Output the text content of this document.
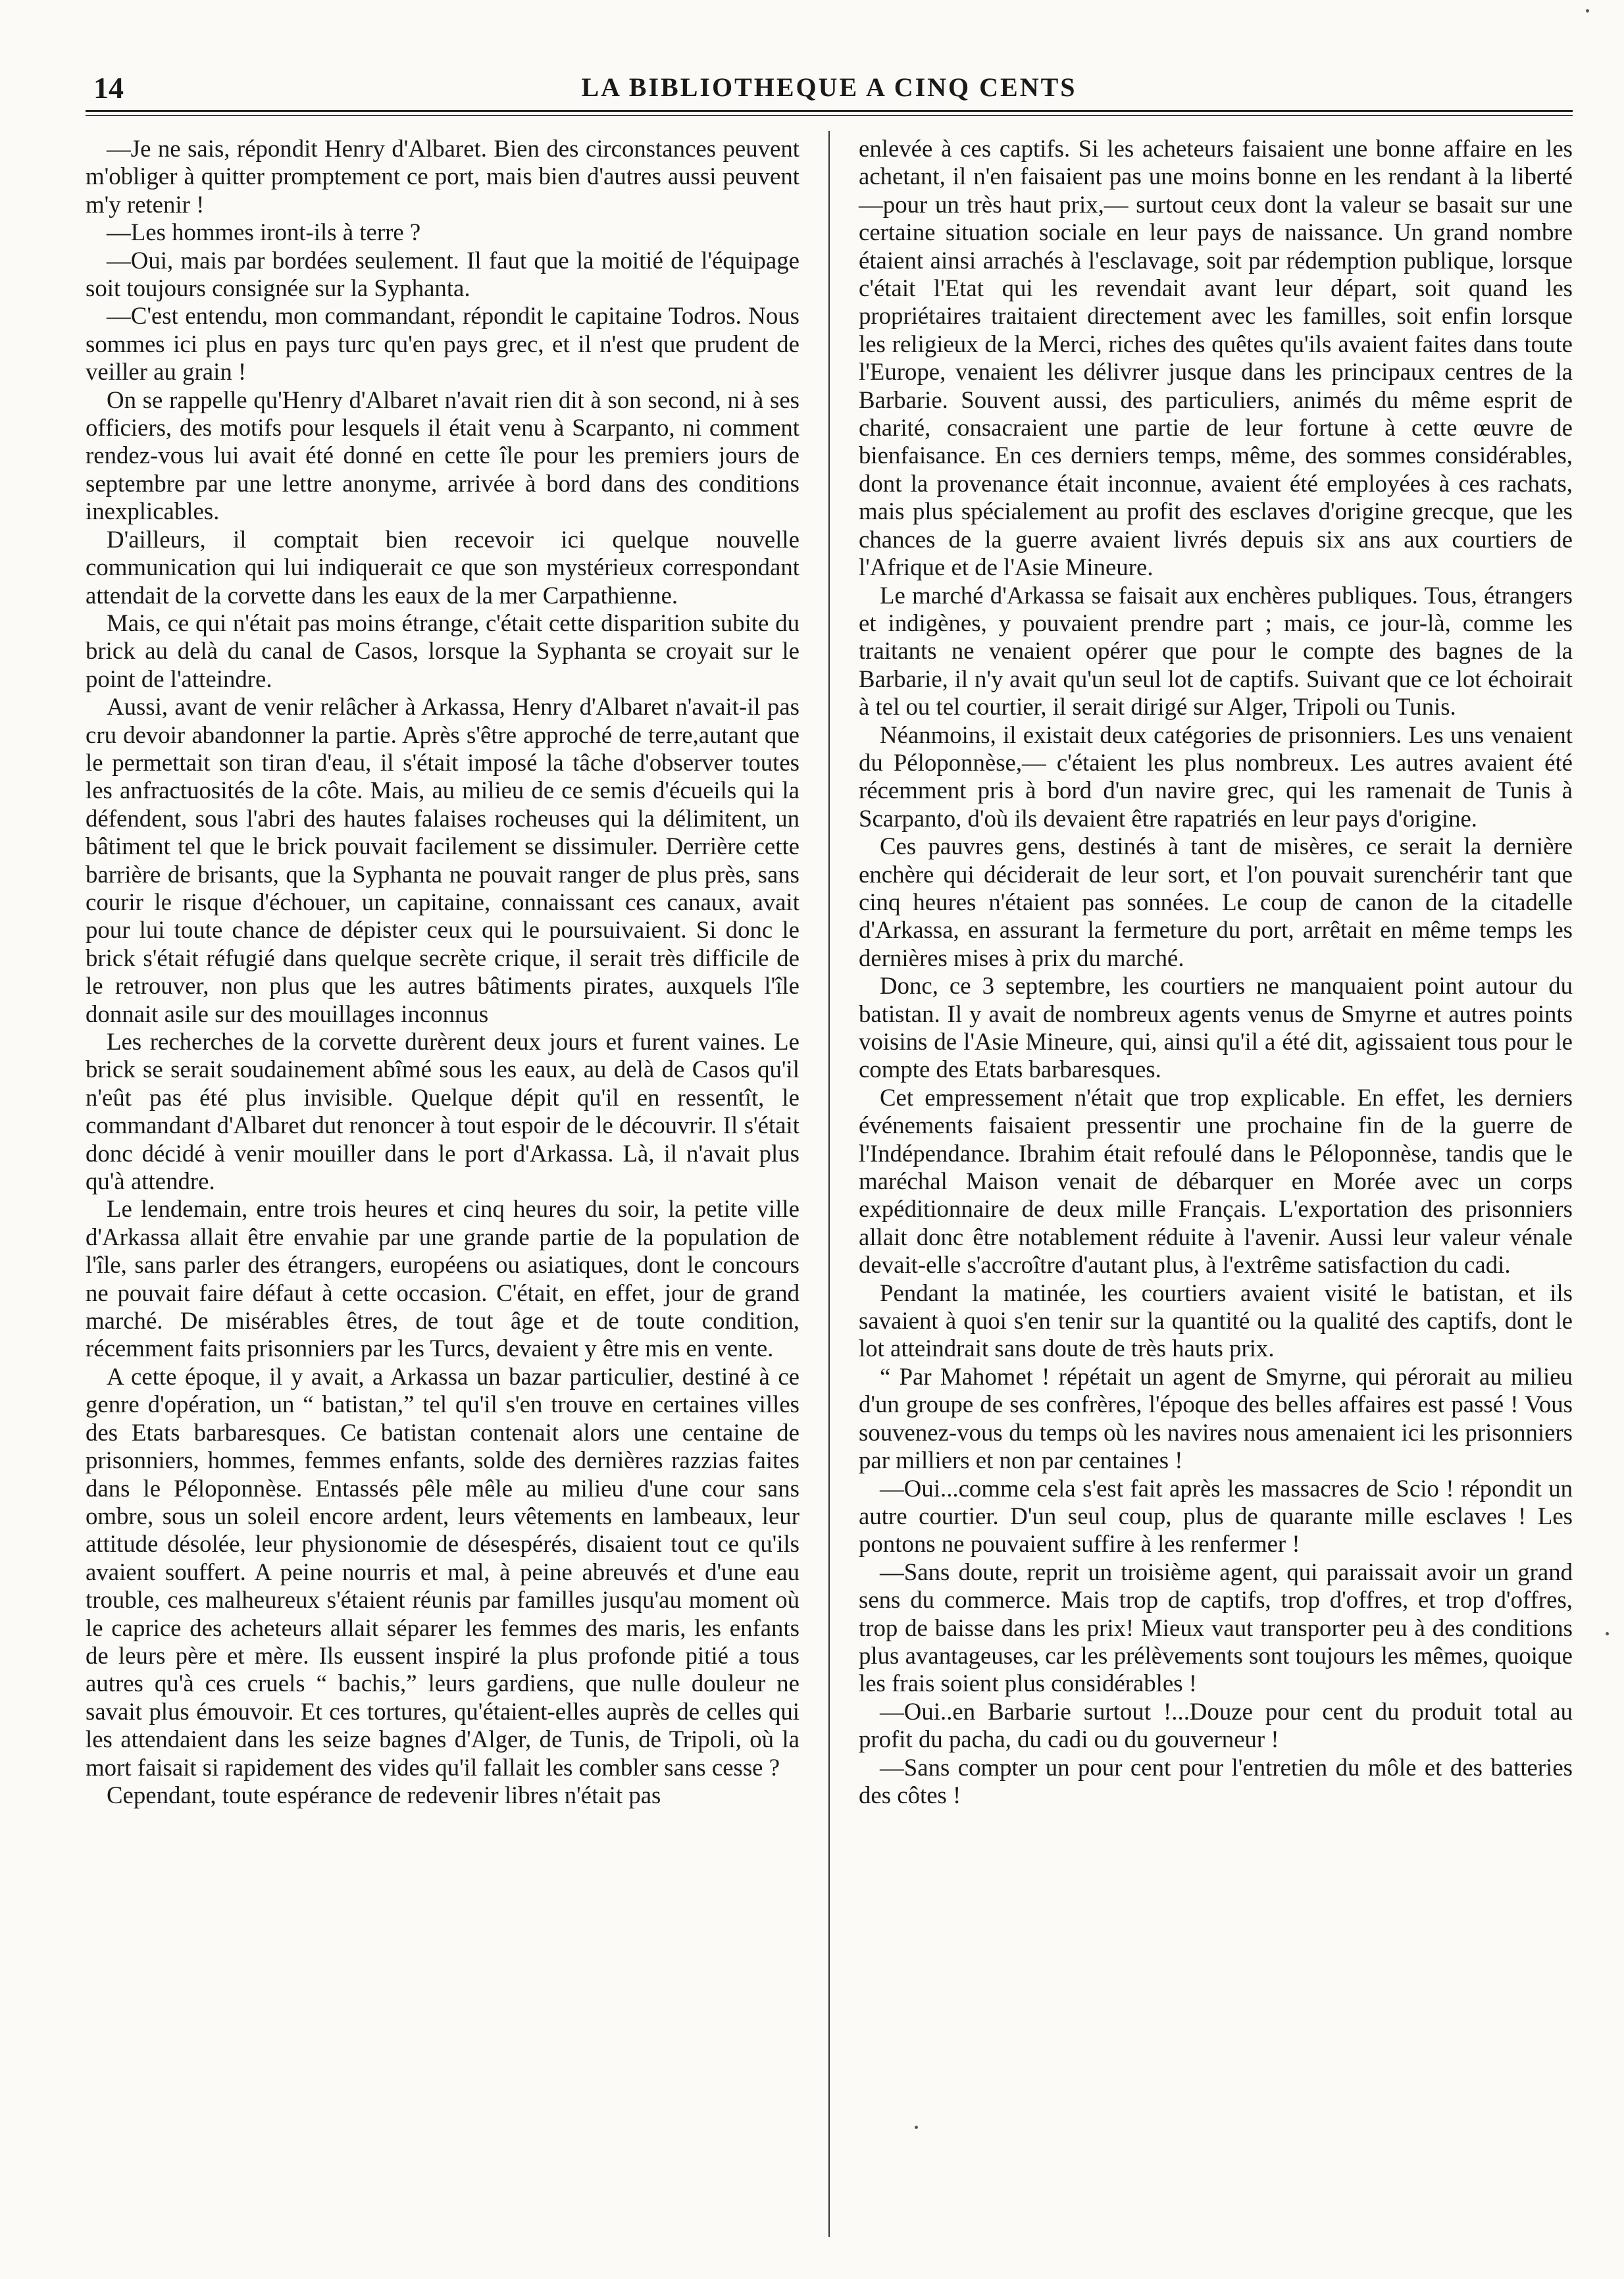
14	LA BIBLIOTHEQUE A CINQ CENTS

—Je ne sais, répondit Henry d'Albaret. Bien des circonstances peuvent m'obliger à quitter promptement ce port, mais bien d'autres aussi peuvent m'y retenir !

—Les hommes iront-ils à terre ?

—Oui, mais par bordées seulement. Il faut que la moitié de l'équipage soit toujours consignée sur la Syphanta.

—C'est entendu, mon commandant, répondit le capitaine Todros. Nous sommes ici plus en pays turc qu'en pays grec, et il n'est que prudent de veiller au grain !

On se rappelle qu'Henry d'Albaret n'avait rien dit à son second, ni à ses officiers, des motifs pour lesquels il était venu à Scarpanto, ni comment rendez-vous lui avait été donné en cette île pour les premiers jours de septembre par une lettre anonyme, arrivée à bord dans des conditions inexplicables.

D'ailleurs, il comptait bien recevoir ici quelque nouvelle communication qui lui indiquerait ce que son mystérieux correspondant attendait de la corvette dans les eaux de la mer Carpathienne.

Mais, ce qui n'était pas moins étrange, c'était cette disparition subite du brick au delà du canal de Casos, lorsque la Syphanta se croyait sur le point de l'atteindre.

Aussi, avant de venir relâcher à Arkassa, Henry d'Albaret n'avait-il pas cru devoir abandonner la partie. Après s'être approché de terre,autant que le permettait son tiran d'eau, il s'était imposé la tâche d'observer toutes les anfractuosités de la côte. Mais, au milieu de ce semis d'écueils qui la défendent, sous l'abri des hautes falaises rocheuses qui la délimitent, un bâtiment tel que le brick pouvait facilement se dissimuler. Derrière cette barrière de brisants, que la Syphanta ne pouvait ranger de plus près, sans courir le risque d'échouer, un capitaine, connaissant ces canaux, avait pour lui toute chance de dépister ceux qui le poursuivaient. Si donc le brick s'était réfugié dans quelque secrète crique, il serait très difficile de le retrouver, non plus que les autres bâtiments pirates, auxquels l'île donnait asile sur des mouillages inconnus

Les recherches de la corvette durèrent deux jours et furent vaines. Le brick se serait soudainement abîmé sous les eaux, au delà de Casos qu'il n'eût pas été plus invisible. Quelque dépit qu'il en ressentît, le commandant d'Albaret dut renoncer à tout espoir de le découvrir. Il s'était donc décidé à venir mouiller dans le port d'Arkassa. Là, il n'avait plus qu'à attendre.

Le lendemain, entre trois heures et cinq heures du soir, la petite ville d'Arkassa allait être envahie par une grande partie de la population de l'île, sans parler des étrangers, européens ou asiatiques, dont le concours ne pouvait faire défaut à cette occasion. C'était, en effet, jour de grand marché. De misérables êtres, de tout âge et de toute condition, récemment faits prisonniers par les Turcs, devaient y être mis en vente.

A cette époque, il y avait, a Arkassa un bazar particulier, destiné à ce genre d'opération, un “ batistan,” tel qu'il s'en trouve en certaines villes des Etats barbaresques. Ce batistan contenait alors une centaine de prisonniers, hommes, femmes enfants, solde des dernières razzias faites dans le Péloponnèse. Entassés pêle mêle au milieu d'une cour sans ombre, sous un soleil encore ardent, leurs vêtements en lambeaux, leur attitude désolée, leur physionomie de désespérés, disaient tout ce qu'ils avaient souffert. A peine nourris et mal, à peine abreuvés et d'une eau trouble, ces malheureux s'étaient réunis par familles jusqu'au moment où le caprice des acheteurs allait séparer les femmes des maris, les enfants de leurs père et mère. Ils eussent inspiré la plus profonde pitié a tous autres qu'à ces cruels “ bachis,” leurs gardiens, que nulle douleur ne savait plus émouvoir. Et ces tortures, qu'étaient-elles auprès de celles qui les attendaient dans les seize bagnes d'Alger, de Tunis, de Tripoli, où la mort faisait si rapidement des vides qu'il fallait les combler sans cesse ?

Cependant, toute espérance de redevenir libres n'était pas

enlevée à ces captifs. Si les acheteurs faisaient une bonne affaire en les achetant, il n'en faisaient pas une moins bonne en les rendant à la liberté—pour un très haut prix,— surtout ceux dont la valeur se basait sur une certaine situation sociale en leur pays de naissance. Un grand nombre étaient ainsi arrachés à l'esclavage, soit par rédemption publique, lorsque c'était l'Etat qui les revendait avant leur départ, soit quand les propriétaires traitaient directement avec les familles, soit enfin lorsque les religieux de la Merci, riches des quêtes qu'ils avaient faites dans toute l'Europe, venaient les délivrer jusque dans les principaux centres de la Barbarie. Souvent aussi, des particuliers, animés du même esprit de charité, consacraient une partie de leur fortune à cette œuvre de bienfaisance. En ces derniers temps, même, des sommes considérables, dont la provenance était inconnue, avaient été employées à ces rachats, mais plus spécialement au profit des esclaves d'origine grecque, que les chances de la guerre avaient livrés depuis six ans aux courtiers de l'Afrique et de l'Asie Mineure.

Le marché d'Arkassa se faisait aux enchères publiques. Tous, étrangers et indigènes, y pouvaient prendre part ; mais, ce jour-là, comme les traitants ne venaient opérer que pour le compte des bagnes de la Barbarie, il n'y avait qu'un seul lot de captifs. Suivant que ce lot échoirait à tel ou tel courtier, il serait dirigé sur Alger, Tripoli ou Tunis.

Néanmoins, il existait deux catégories de prisonniers. Les uns venaient du Péloponnèse,— c'étaient les plus nombreux. Les autres avaient été récemment pris à bord d'un navire grec, qui les ramenait de Tunis à Scarpanto, d'où ils devaient être rapatriés en leur pays d'origine.

Ces pauvres gens, destinés à tant de misères, ce serait la dernière enchère qui déciderait de leur sort, et l'on pouvait surenchérir tant que cinq heures n'étaient pas sonnées. Le coup de canon de la citadelle d'Arkassa, en assurant la fermeture du port, arrêtait en même temps les dernières mises à prix du marché.

Donc, ce 3 septembre, les courtiers ne manquaient point autour du batistan. Il y avait de nombreux agents venus de Smyrne et autres points voisins de l'Asie Mineure, qui, ainsi qu'il a été dit, agissaient tous pour le compte des Etats barbaresques.

Cet empressement n'était que trop explicable. En effet, les derniers événements faisaient pressentir une prochaine fin de la guerre de l'Indépendance. Ibrahim était refoulé dans le Péloponnèse, tandis que le maréchal Maison venait de débarquer en Morée avec un corps expéditionnaire de deux mille Français. L'exportation des prisonniers allait donc être notablement réduite à l'avenir. Aussi leur valeur vénale devait-elle s'accroître d'autant plus, à l'extrême satisfaction du cadi.

Pendant la matinée, les courtiers avaient visité le batistan, et ils savaient à quoi s'en tenir sur la quantité ou la qualité des captifs, dont le lot atteindrait sans doute de très hauts prix.

“ Par Mahomet ! répétait un agent de Smyrne, qui pérorait au milieu d'un groupe de ses confrères, l'époque des belles affaires est passé ! Vous souvenez-vous du temps où les navires nous amenaient ici les prisonniers par milliers et non par centaines !

—Oui...comme cela s'est fait après les massacres de Scio ! répondit un autre courtier. D'un seul coup, plus de quarante mille esclaves ! Les pontons ne pouvaient suffire à les renfermer !

—Sans doute, reprit un troisième agent, qui paraissait avoir un grand sens du commerce. Mais trop de captifs, trop d'offres, et trop d'offres, trop de baisse dans les prix! Mieux vaut transporter peu à des conditions plus avantageuses, car les prélèvements sont toujours les mêmes, quoique les frais soient plus considérables !

—Oui..en Barbarie surtout !...Douze pour cent du produit total au profit du pacha, du cadi ou du gouverneur !

—Sans compter un pour cent pour l'entretien du môle et des batteries des côtes !
